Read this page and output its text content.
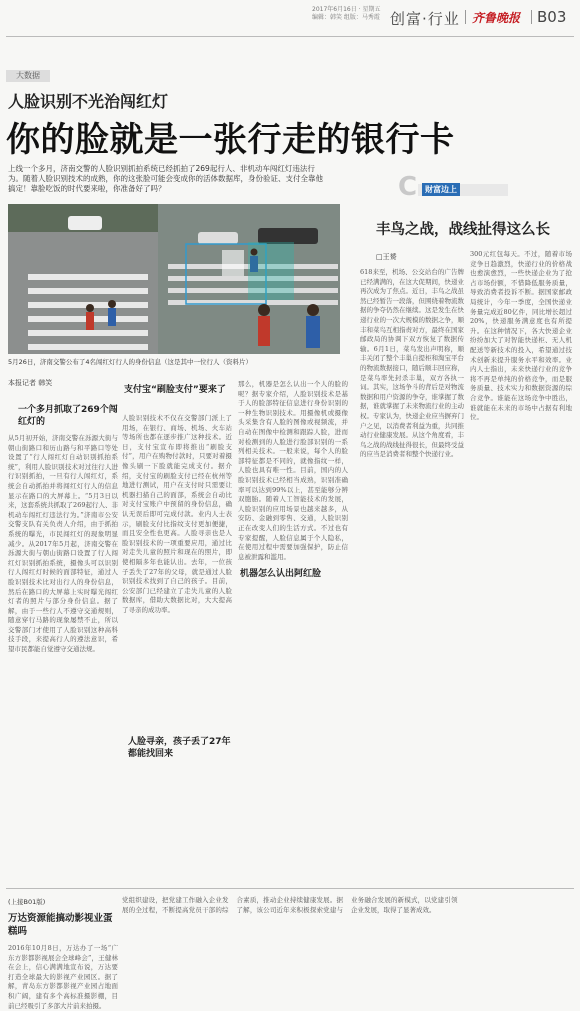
2017年6月16日 · 星期五
编辑：韩笑 组版：马秀霞 创富·行业 齐鲁晚报 B03
大数据
人脸识别不光治闯红灯
你的脸就是一张行走的银行卡
上线一个多月，济南交警的人脸识别抓拍系统已经抓拍了269起行人、非机动车闯红灯违法行为。随着人脸识别技术的成熟，你的这张脸可能会变成你的活体数据库，身份验证、支付全靠他搞定！靠脸吃饭的时代要来啦，你准备好了吗？
5月26日，济南交警公布了4名闯红灯行人的身份信息（这是其中一位行人（资料片）
本报记者 韩笑
一个多月抓取了269个闯红灯的
从5月初开始，济南交警在泺源大街与朝山街路口和历山路与和平路口等处设置了“行人闯红灯自动识别抓拍系统”，利用人脸识别技术对过往行人进行识别抓拍，一旦有行人闯红灯，系统会自动抓拍并将闯红灯行人的信息显示在路口的大屏幕上。“5月3日以来，这套系统共抓取了269起行人、非机动车闯红灯违法行为。”济南市公安交警支队有关负责人介绍，由于抓拍系统的曝光，市民闯红灯的现象明显减少。从2017年5月起，济南交警在泺源大街与朝山街路口设置了行人闯红灯识别抓拍系统，摄像头可以识别行人闯红灯时候的面部特征，通过人脸识别技术比对出行人的身份信息，然后在路口的大屏幕上实时曝光闯红灯者的照片与部分身份信息。据了解，由于一些行人不遵守交通规则，随意穿行马路的现象屡禁不止，所以交警部门才使用了人脸识别这种高科技手段，来提高行人的遵法意识，希望市民都能自觉遵守交通法规。
支付宝“刷脸支付”要来了
人脸识别技术不仅在交警部门派上了用场，在银行、商场、机场、火车站等场所也都在逐步推广这种技术。近日，支付宝宣布即将推出“刷脸支付”，用户在购物付款时，只要对着摄像头刷一下脸就能完成支付。据介绍，支付宝的刷脸支付已经在杭州等地进行测试，用户在支付时只需要让机器扫描自己的面部，系统会自动比对支付宝账户中预留的身份信息，确认无误后即可完成付款。业内人士表示，刷脸支付比指纹支付更加便捷，而且安全性也更高。人脸寻亲也是人脸识别技术的一项重要应用，通过比对走失儿童的照片和现在的照片，即使相隔多年也能认出。去年，一位孩子丢失了27年的父母，就是通过人脸识别技术找到了自己的孩子。目前，公安部门已经建立了走失儿童的人脸数据库，借助大数据比对，大大提高了寻亲的成功率。
人脸寻亲，孩子丢了27年都能找回来
机器怎么认出阿红脸
那么，机器是怎么认出一个人的脸的呢？据专家介绍，人脸识别技术是基于人的脸部特征信息进行身份识别的一种生物识别技术。用摄像机或摄像头采集含有人脸的图像或视频流，并自动在图像中检测和跟踪人脸，进而对检测到的人脸进行脸部识别的一系列相关技术。一般来说，每个人的脸部特征都是不同的，就像指纹一样，人脸也具有唯一性。目前，国内的人脸识别技术已经相当成熟，识别准确率可以达到99%以上，甚至能够分辨双胞胎。随着人工智能技术的发展，人脸识别的应用场景也越来越多，从安防、金融到零售、交通，人脸识别正在改变人们的生活方式。不过也有专家提醒，人脸信息属于个人隐私，在使用过程中需要加强保护，防止信息被泄露和滥用。
C 财富边上
丰鸟之战，战线扯得这么长
□王赟
618来至，机场、公交站台的广告牌已经满满的，在这大促期间，快递业再次成为了焦点。近日，丰鸟之战虽然已经暂告一段落，但围绕着物流数据的争夺仍然在继续。这是发生在快递行业的一次大规模的数据之争，顺丰和菜鸟互相指责对方，最终在国家邮政局的协调下双方恢复了数据传输。6月1日，菜鸟发出声明称，顺丰关闭了整个丰巢自提柜和淘宝平台的物流数据接口，随后顺丰回应称，是菜鸟率先封杀丰巢，双方各执一词。其实，这场争斗的背后是对物流数据和用户资源的争夺，谁掌握了数据，谁就掌握了未来物流行业的主动权。专家认为，快递企业应当摒弃门户之见，以消费者利益为重，共同推动行业健康发展。从这个角度看，丰鸟之战的战线扯得很长，但最终受益的应当是消费者和整个快递行业。
300元红包每天。不过，随着市场竞争日趋激烈，快递行业的价格战也愈演愈烈，一些快递企业为了抢占市场份额，不惜降低服务质量，导致消费者投诉不断。据国家邮政局统计，今年一季度，全国快递业务量完成近80亿件，同比增长超过20%，快递服务满意度也有所提升。在这种情况下，各大快递企业纷纷加大了对智能快递柜、无人机配送等新技术的投入，希望通过技术创新来提升服务水平和效率。业内人士指出，未来快递行业的竞争将不再是单纯的价格竞争，而是服务质量、技术实力和数据资源的综合竞争。谁能在这场竞争中胜出，谁就能在未来的市场中占据有利地位。
(上接B01版)
万达资源能搞动影视业蛋糕吗
2016年10月8日，万达办了一场“广东方影都影视展会全球峰会”，王健林在会上，信心满满地宣布说，万达要打造全球最大的影视产业园区。据了解，青岛东方影都影视产业园占地面积广阔，建有多个高标准摄影棚，目前已经吸引了多部大片前来拍摄。
党组织建设，把党建工作融入企业发展的全过程，不断提高党员干部的综合素质，推动企业持续健康发展。据了解，该公司近年来积极探索党建与业务融合发展的新模式，以党建引领企业发展，取得了显著成效。
